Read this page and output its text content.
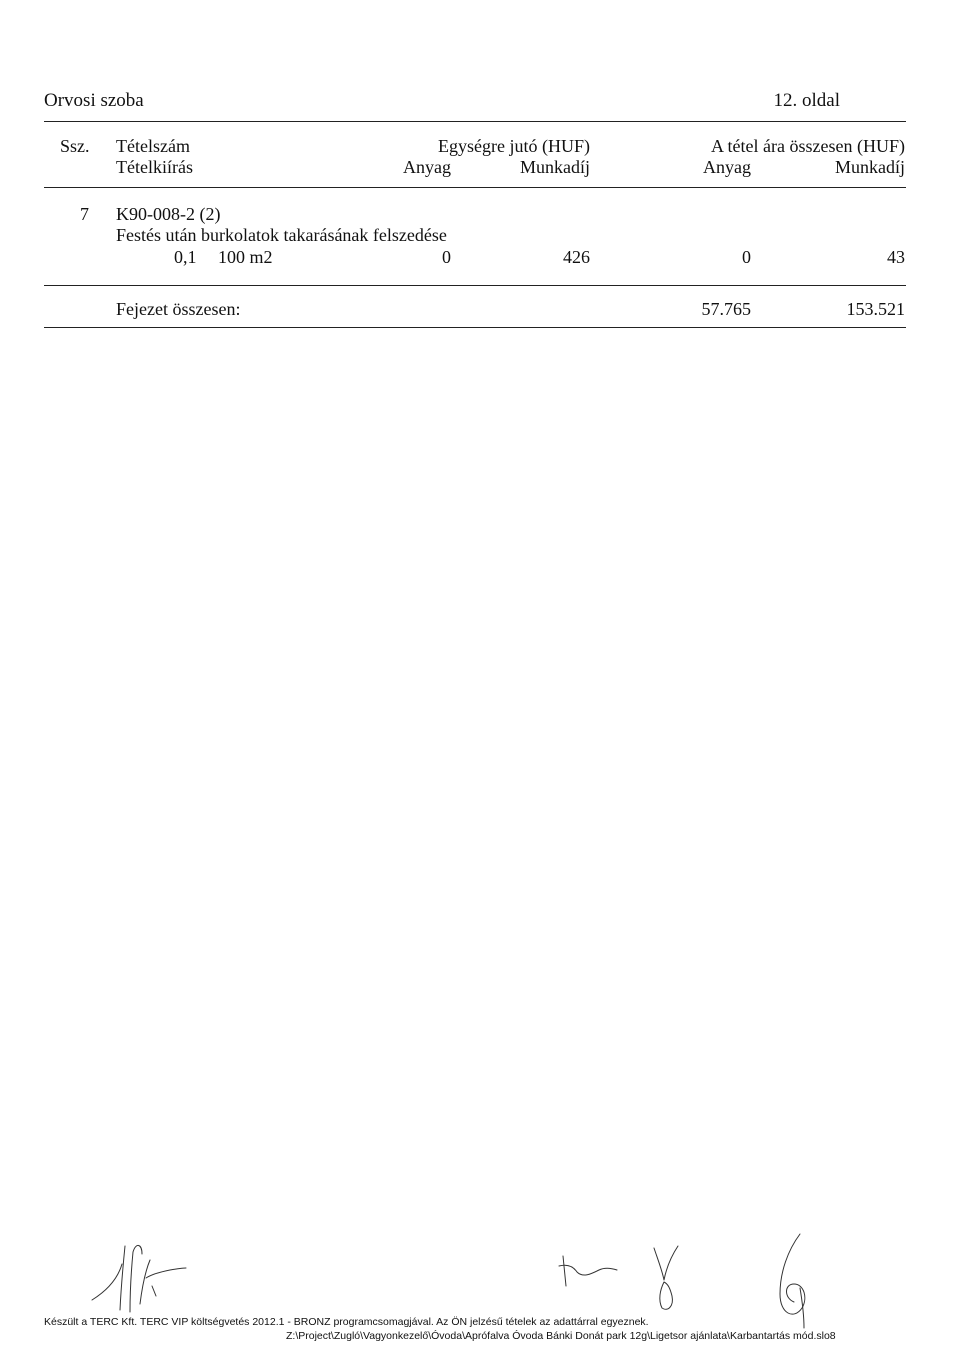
Orvosi szoba	12. oldal
Ssz. Tételszám
Tételkiírás
Egységre jutó (HUF)	A tétel ára összesen (HUF)
Anyag	Munkadíj	Anyag	Munkadíj
7 K90-008-2 (2)
Festés után burkolatok takarásának felszedése
0,1 100 m2	0	426	0	43
Fejezet összesen:	57.765	153.521
Készült a TERC Kft. TERC VIP költségvetés 2012.1 - BRONZ programcsomagjával. Az ÖN jelzésű tételek az adattárral egyeznek.
Z:\Project\Zugló\Vagyonkezelő\Óvoda\Aprófalva Óvoda Bánki Donát park 12g\Ligetsor ajánlata\Karbantartás mód.slo8
